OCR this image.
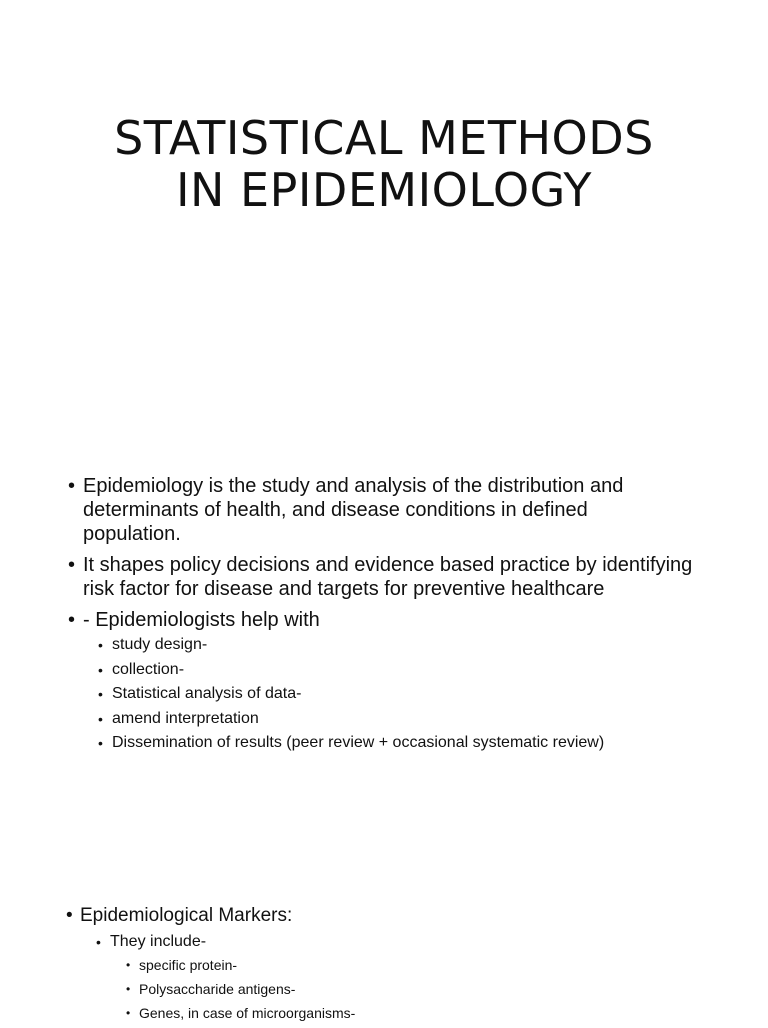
STATISTICAL METHODS
IN EPIDEMIOLOGY
• Epidemiology is the study and analysis of the distribution and
determinants of health, and disease conditions in defined
population.
• It shapes policy decisions and evidence based practice by identifying
risk factor for disease and targets for preventive healthcare
• - Epidemiologists help with
• study design-
• collection-
• Statistical analysis of data-
• amend interpretation
• Dissemination of results (peer review + occasional systematic review)
• Epidemiological Markers:
• They include-
• specific protein-
• Polysaccharide antigens-
• Genes, in case of microorganisms-
